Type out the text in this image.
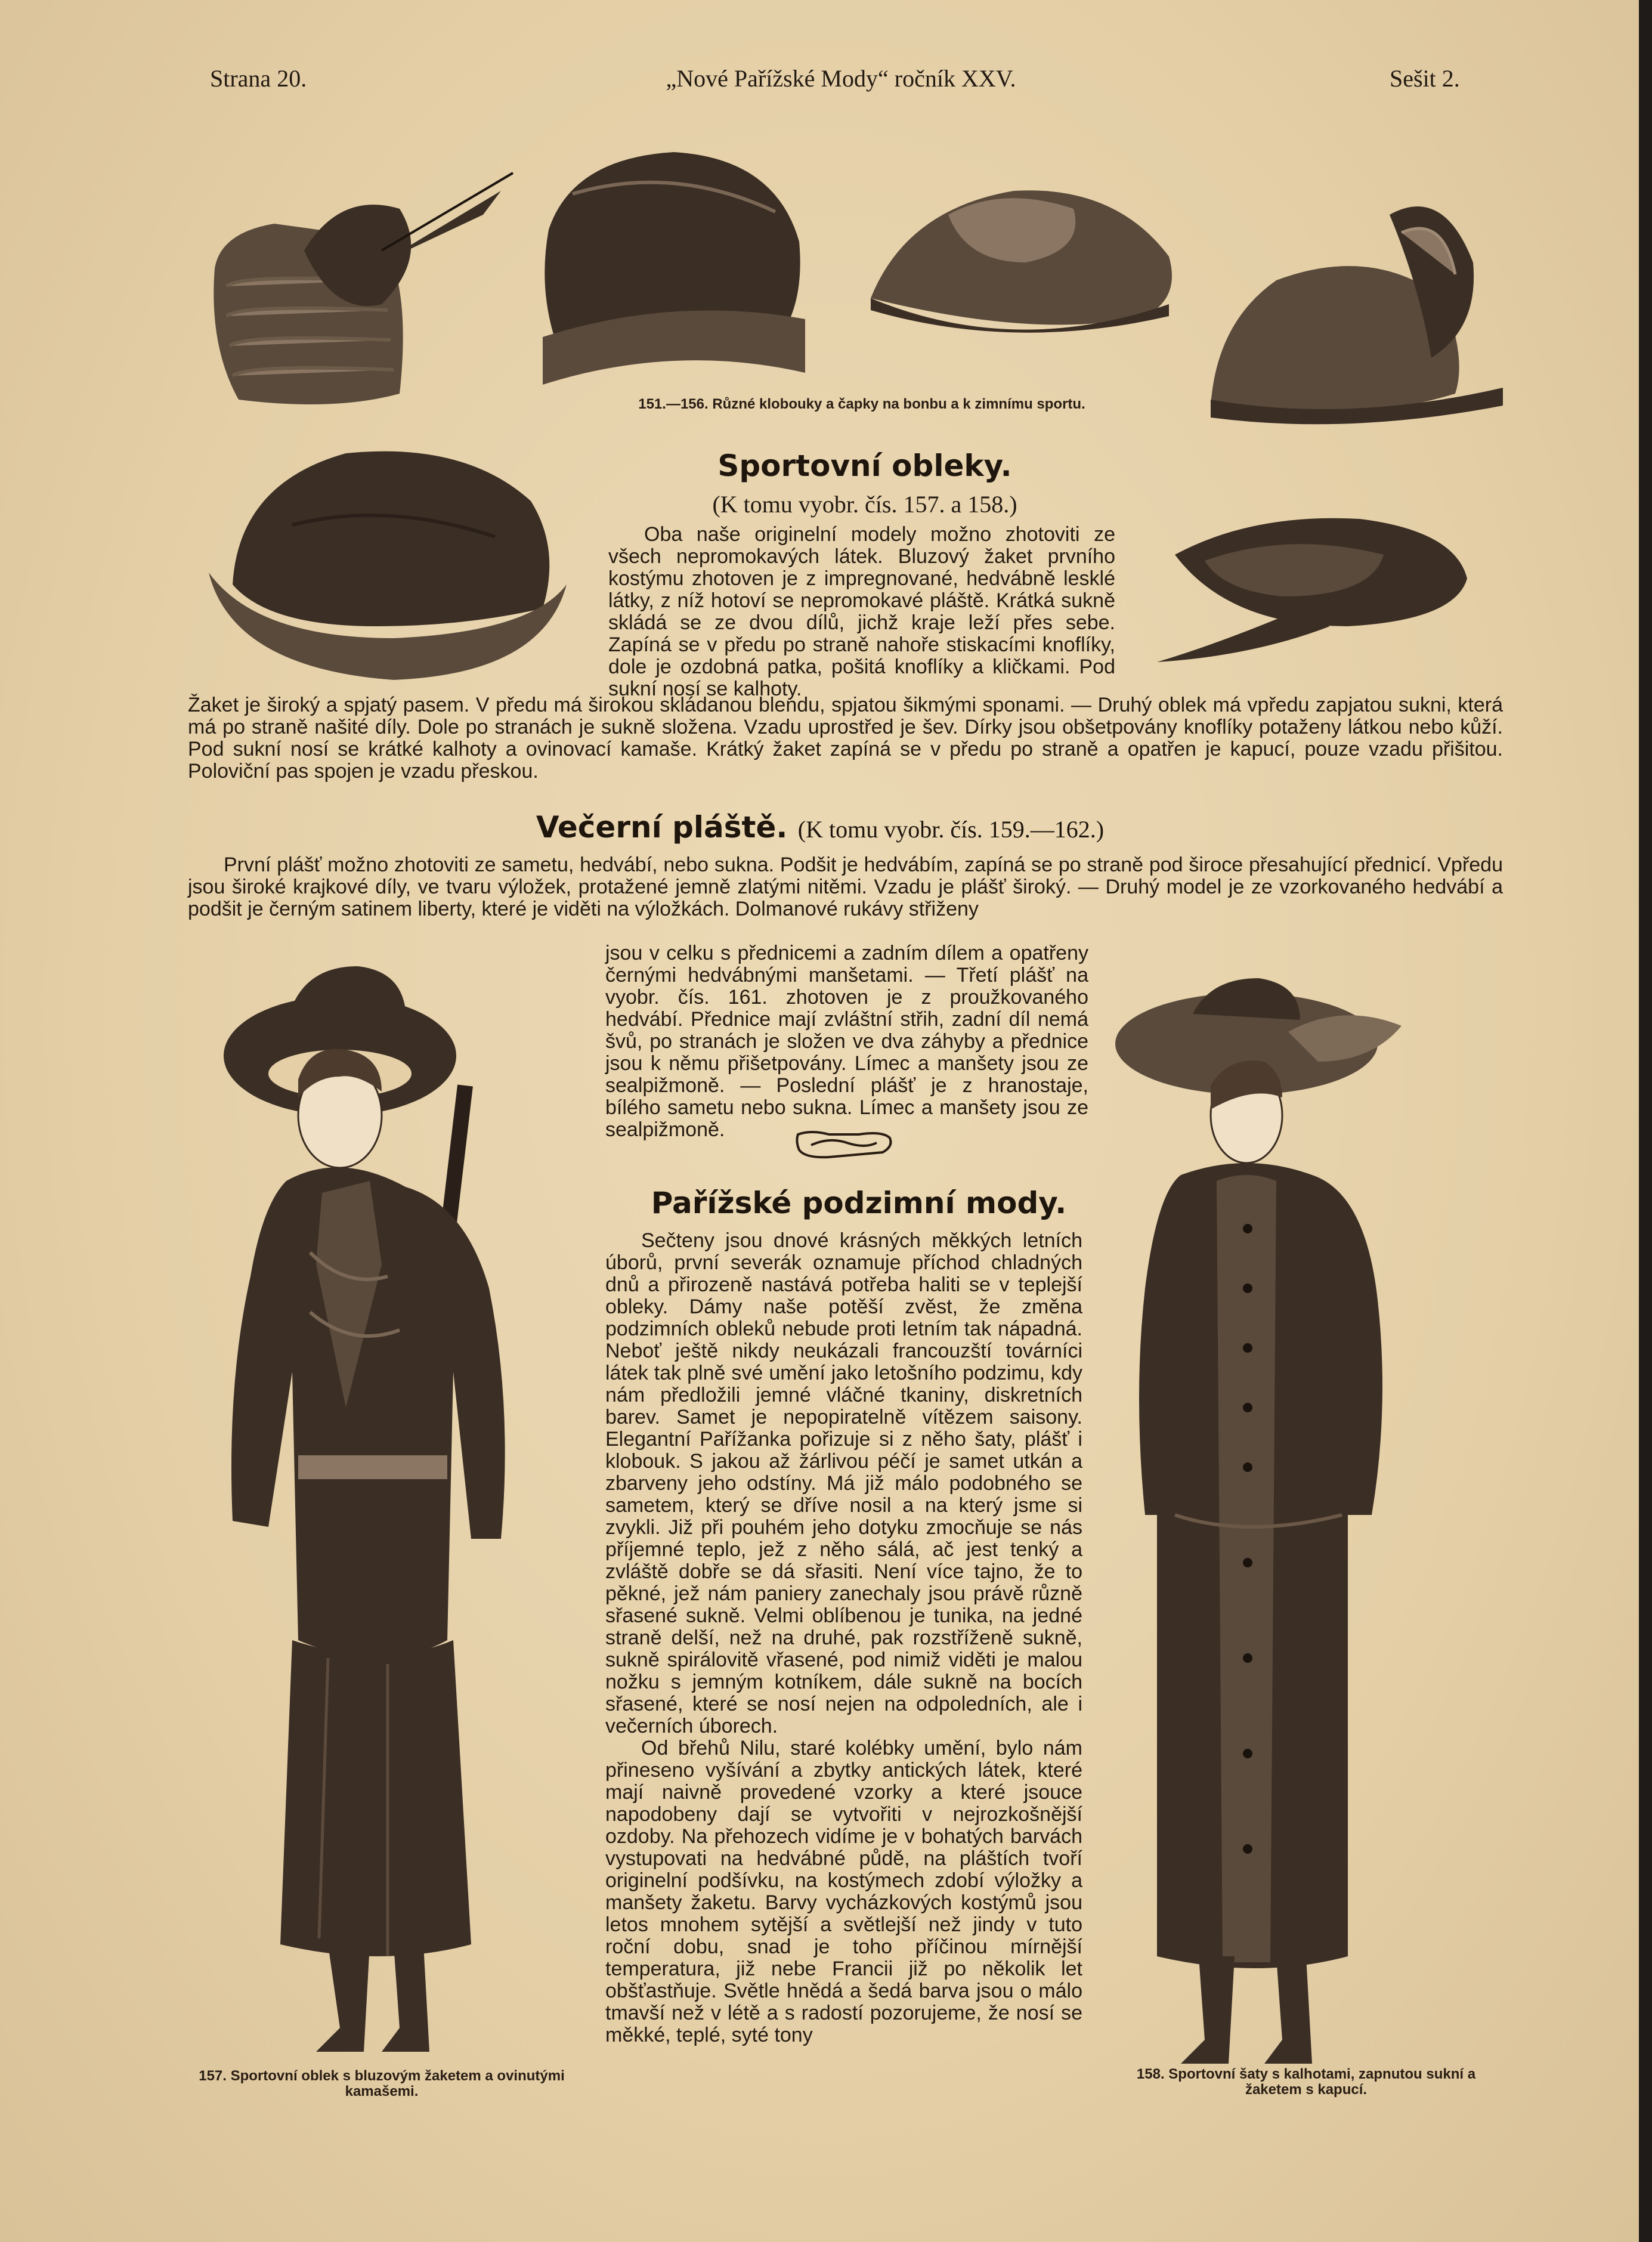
Strana 20.	„Nové Pařížské Mody“ ročník XXV.	Sešit 2.
151.—156. Různé klobouky a čapky na bonbu a k zimnímu sportu.
Sportovní obleky.
(K tomu vyobr. čís. 157. a 158.)

Oba naše originelní modely možno zhotoviti ze všech nepromokavých látek. Bluzový žaket prvního kostýmu zhotoven je z impregnované, hedvábně lesklé látky, z níž hotoví se nepromokavé pláště. Krátká sukně skládá se ze dvou dílů, jichž kraje leží přes sebe. Zapíná se v předu po straně nahoře stiskacími knoflíky, dole je ozdobná patka, pošitá knoflíky a kličkami. Pod sukní nosí se kalhoty.

Žaket je široký a spjatý pasem. V předu má širokou skládanou blendu, spjatou šikmými sponami. — Druhý oblek má vpředu zapjatou sukni, která má po straně našité díly. Dole po stranách je sukně složena. Vzadu uprostřed je šev. Dírky jsou obšetpovány knoflíky potaženy látkou nebo kůží. Pod sukní nosí se krátké kalhoty a ovinovací kamaše. Krátký žaket zapíná se v předu po straně a opatřen je kapucí, pouze vzadu přišitou. Poloviční pas spojen je vzadu přeskou.

Večerní pláště. (K tomu vyobr. čís. 159.—162.)

První plášť možno zhotoviti ze sametu, hedvábí, nebo sukna. Podšit je hedvábím, zapíná se po straně pod široce přesahující přednicí. Vpředu jsou široké krajkové díly, ve tvaru výložek, protažené jemně zlatými nitěmi. Vzadu je plášť široký. — Druhý model je ze vzorkovaného hedvábí a podšit je černým satinem liberty, které je viděti na výložkách. Dolmanové rukávy střiženy

jsou v celku s přednicemi a zadním dílem a opatřeny černými hedvábnými manšetami. — Třetí plášť na vyobr. čís. 161. zhotoven je z proužkovaného hedvábí. Přednice mají zvláštní střih, zadní díl nemá švů, po stranách je složen ve dva záhyby a přednice jsou k němu přišetpovány. Límec a manšety jsou ze sealpižmoně. — Poslední plášť je z hranostaje, bílého sametu nebo sukna. Límec a manšety jsou ze sealpižmoně.

Pařížské podzimní mody.

Sečteny jsou dnové krásných měkkých letních úborů, první severák oznamuje příchod chladných dnů a přirozeně nastává potřeba haliti se v teplejší obleky. Dámy naše potěší zvěst, že změna podzimních obleků nebude proti letním tak nápadná. Neboť ještě nikdy neukázali francouzští továrníci látek tak plně své umění jako letošního podzimu, kdy nám předložili jemné vláčné tkaniny, diskretních barev. Samet je nepopiratelně vítězem saisony. Elegantní Pařížanka pořizuje si z něho šaty, plášť i klobouk. S jakou až žárlivou péčí je samet utkán a zbarveny jeho odstíny. Má již málo podobného se sametem, který se dříve nosil a na který jsme si zvykli. Již při pouhém jeho dotyku zmocňuje se nás příjemné teplo, jež z něho sálá, ač jest tenký a zvláště dobře se dá sřasiti. Není více tajno, že to pěkné, jež nám paniery zanechaly jsou právě různě sřasené sukně. Velmi oblíbenou je tunika, na jedné straně delší, než na druhé, pak rozstříženě sukně, sukně spirálovitě vřasené, pod nimiž viděti je malou nožku s jemným kotníkem, dále sukně na bocích sřasené, které se nosí nejen na odpoledních, ale i večerních úborech.

Od břehů Nilu, staré kolébky umění, bylo nám přineseno vyšívání a zbytky antických látek, které mají naivně provedené vzorky a které jsouce napodobeny dají se vytvořiti v nejrozkošnější ozdoby. Na přehozech vidíme je v bohatých barvách vystupovati na hedvábné půdě, na pláštích tvoří originelní podšívku, na kostýmech zdobí výložky a manšety žaketu. Barvy vycházkových kostýmů jsou letos mnohem sytější a světlejší než jindy v tuto roční dobu, snad je toho příčinou mírnější temperatura, již nebe Francii již po několik let obšťastňuje. Světle hnědá a šedá barva jsou o málo tmavší než v létě a s radostí pozorujeme, že nosí se měkké, teplé, syté tony

157. Sportovní oblek s bluzovým žaketem a ovinutými kamašemi.
158. Sportovní šaty s kalhotami, zapnutou sukní a žaketem s kapucí.
